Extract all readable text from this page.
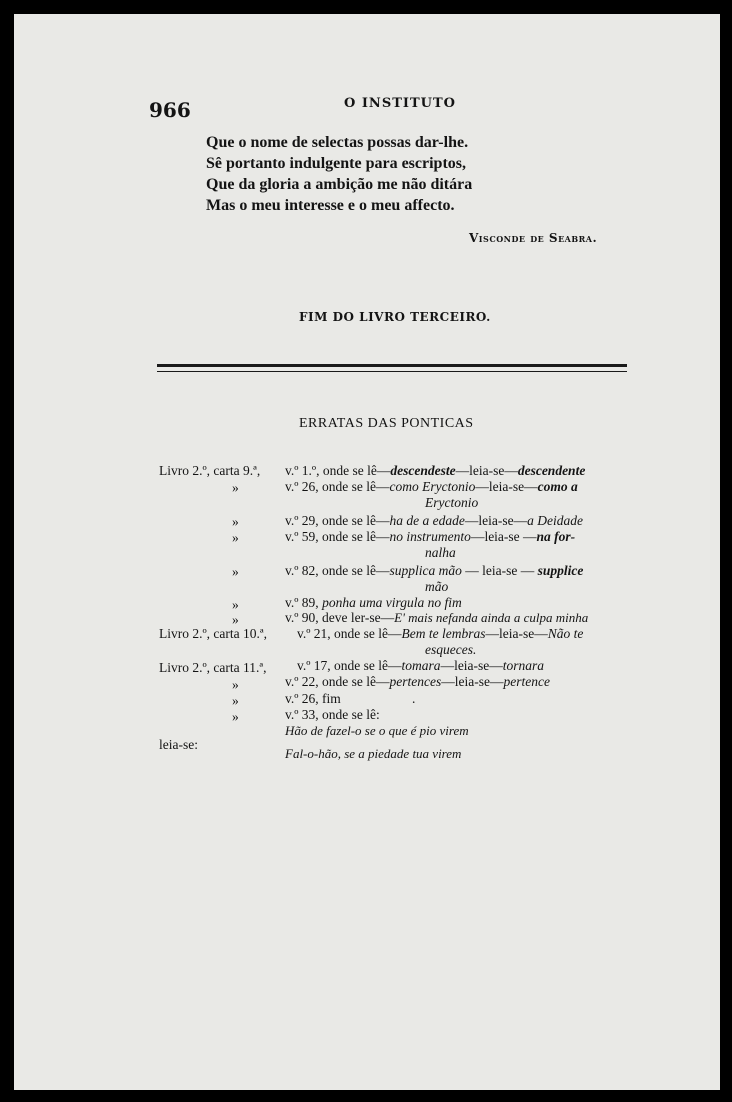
966	O INSTITUTO
Que o nome de selectas possas dar-lhe.
Sê portanto indulgente para escriptos,
Que da gloria a ambição me não ditára
Mas o meu interesse e o meu affecto.
Visconde de Seabra.
FIM DO LIVRO TERCEIRO.
ERRATAS DAS PONTICAS
Livro 2.º, carta 9.ª, v.º 1.º, onde se lê—descendeste—leia-se—descendente
»	v.º 26, onde se lê—como Eryctonio—leia-se—como a
Eryctonio
»	v.º 29, onde se lê—ha de a edade—leia-se—a Deidade
»	v.º 59, onde se lê—no instrumento—leia-se —na for-
nalha
»	v.º 82, onde se lê—supplica mão — leia-se — supplice
mão
»	v.º 89, ponha uma virgula no fim
»	v.º 90, deve ler-se—E' mais nefanda ainda a culpa minha
Livro 2.º, carta 10.ª, v.º 21, onde se lê—Bem te lembras—leia-se—Não te
esqueces.
Livro 2.º, carta 11.ª, v.º 17, onde se lê—tomara—leia-se—tornara
»	v.º 22, onde se lê—pertences—leia-se—pertence
»	v.º 26, fim	.
»	v.º 33, onde se lê:
Hão de fazel-o se o que é pio virem
leia-se:
Fal-o-hão, se a piedade tua virem
